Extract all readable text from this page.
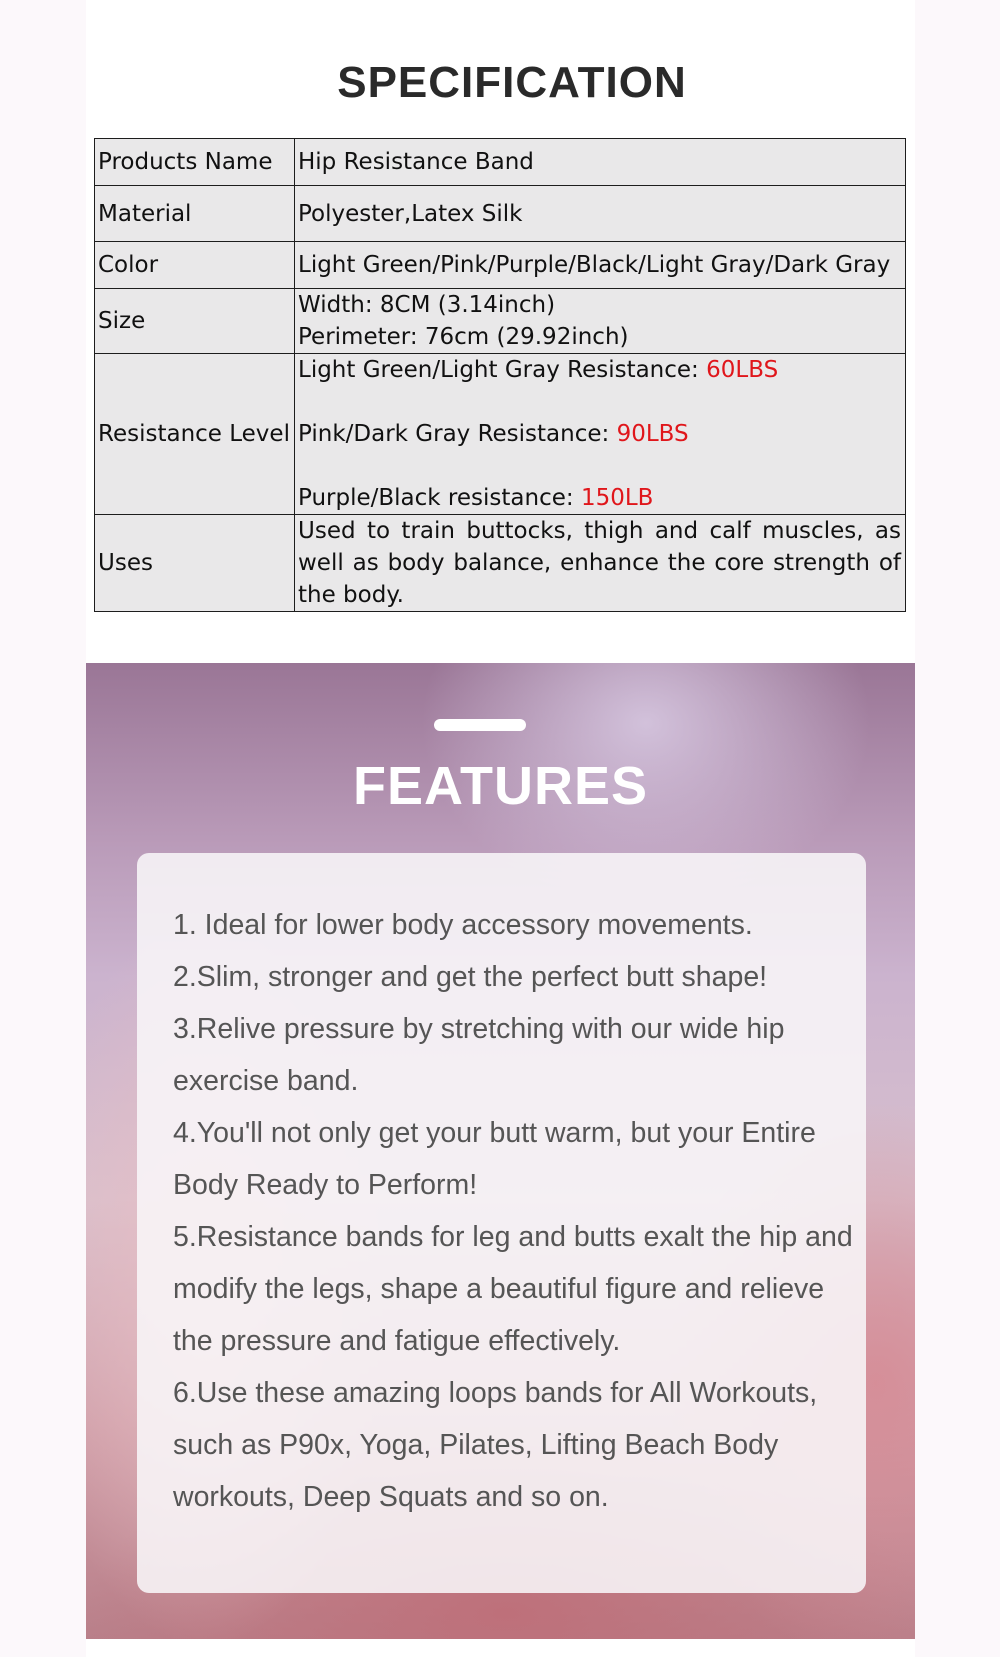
SPECIFICATION
Products Name	Hip Resistance Band
Material	Polyester,Latex Silk
Color	Light Green/Pink/Purple/Black/Light Gray/Dark Gray
Size	Width: 8CM (3.14inch)
Perimeter: 76cm (29.92inch)

Resistance Level	Light Green/Light Gray Resistance: 60LBS
Pink/Dark Gray Resistance: 90LBS
Purple/Black resistance: 150LB

Uses	Used to train buttocks, thigh and calf muscles, as well as body balance, enhance the core strength of the body.
FEATURES
1. Ideal for lower body accessory movements.
2.Slim, stronger and get the perfect butt shape!
3.Relive pressure by stretching with our wide hip exercise band.
4.You'll not only get your butt warm, but your Entire Body Ready to Perform!
5.Resistance bands for leg and butts exalt the hip and modify the legs, shape a beautiful figure and relieve the pressure and fatigue effectively.
6.Use these amazing loops bands for All Workouts, such as P90x, Yoga, Pilates, Lifting Beach Body workouts, Deep Squats and so on.
